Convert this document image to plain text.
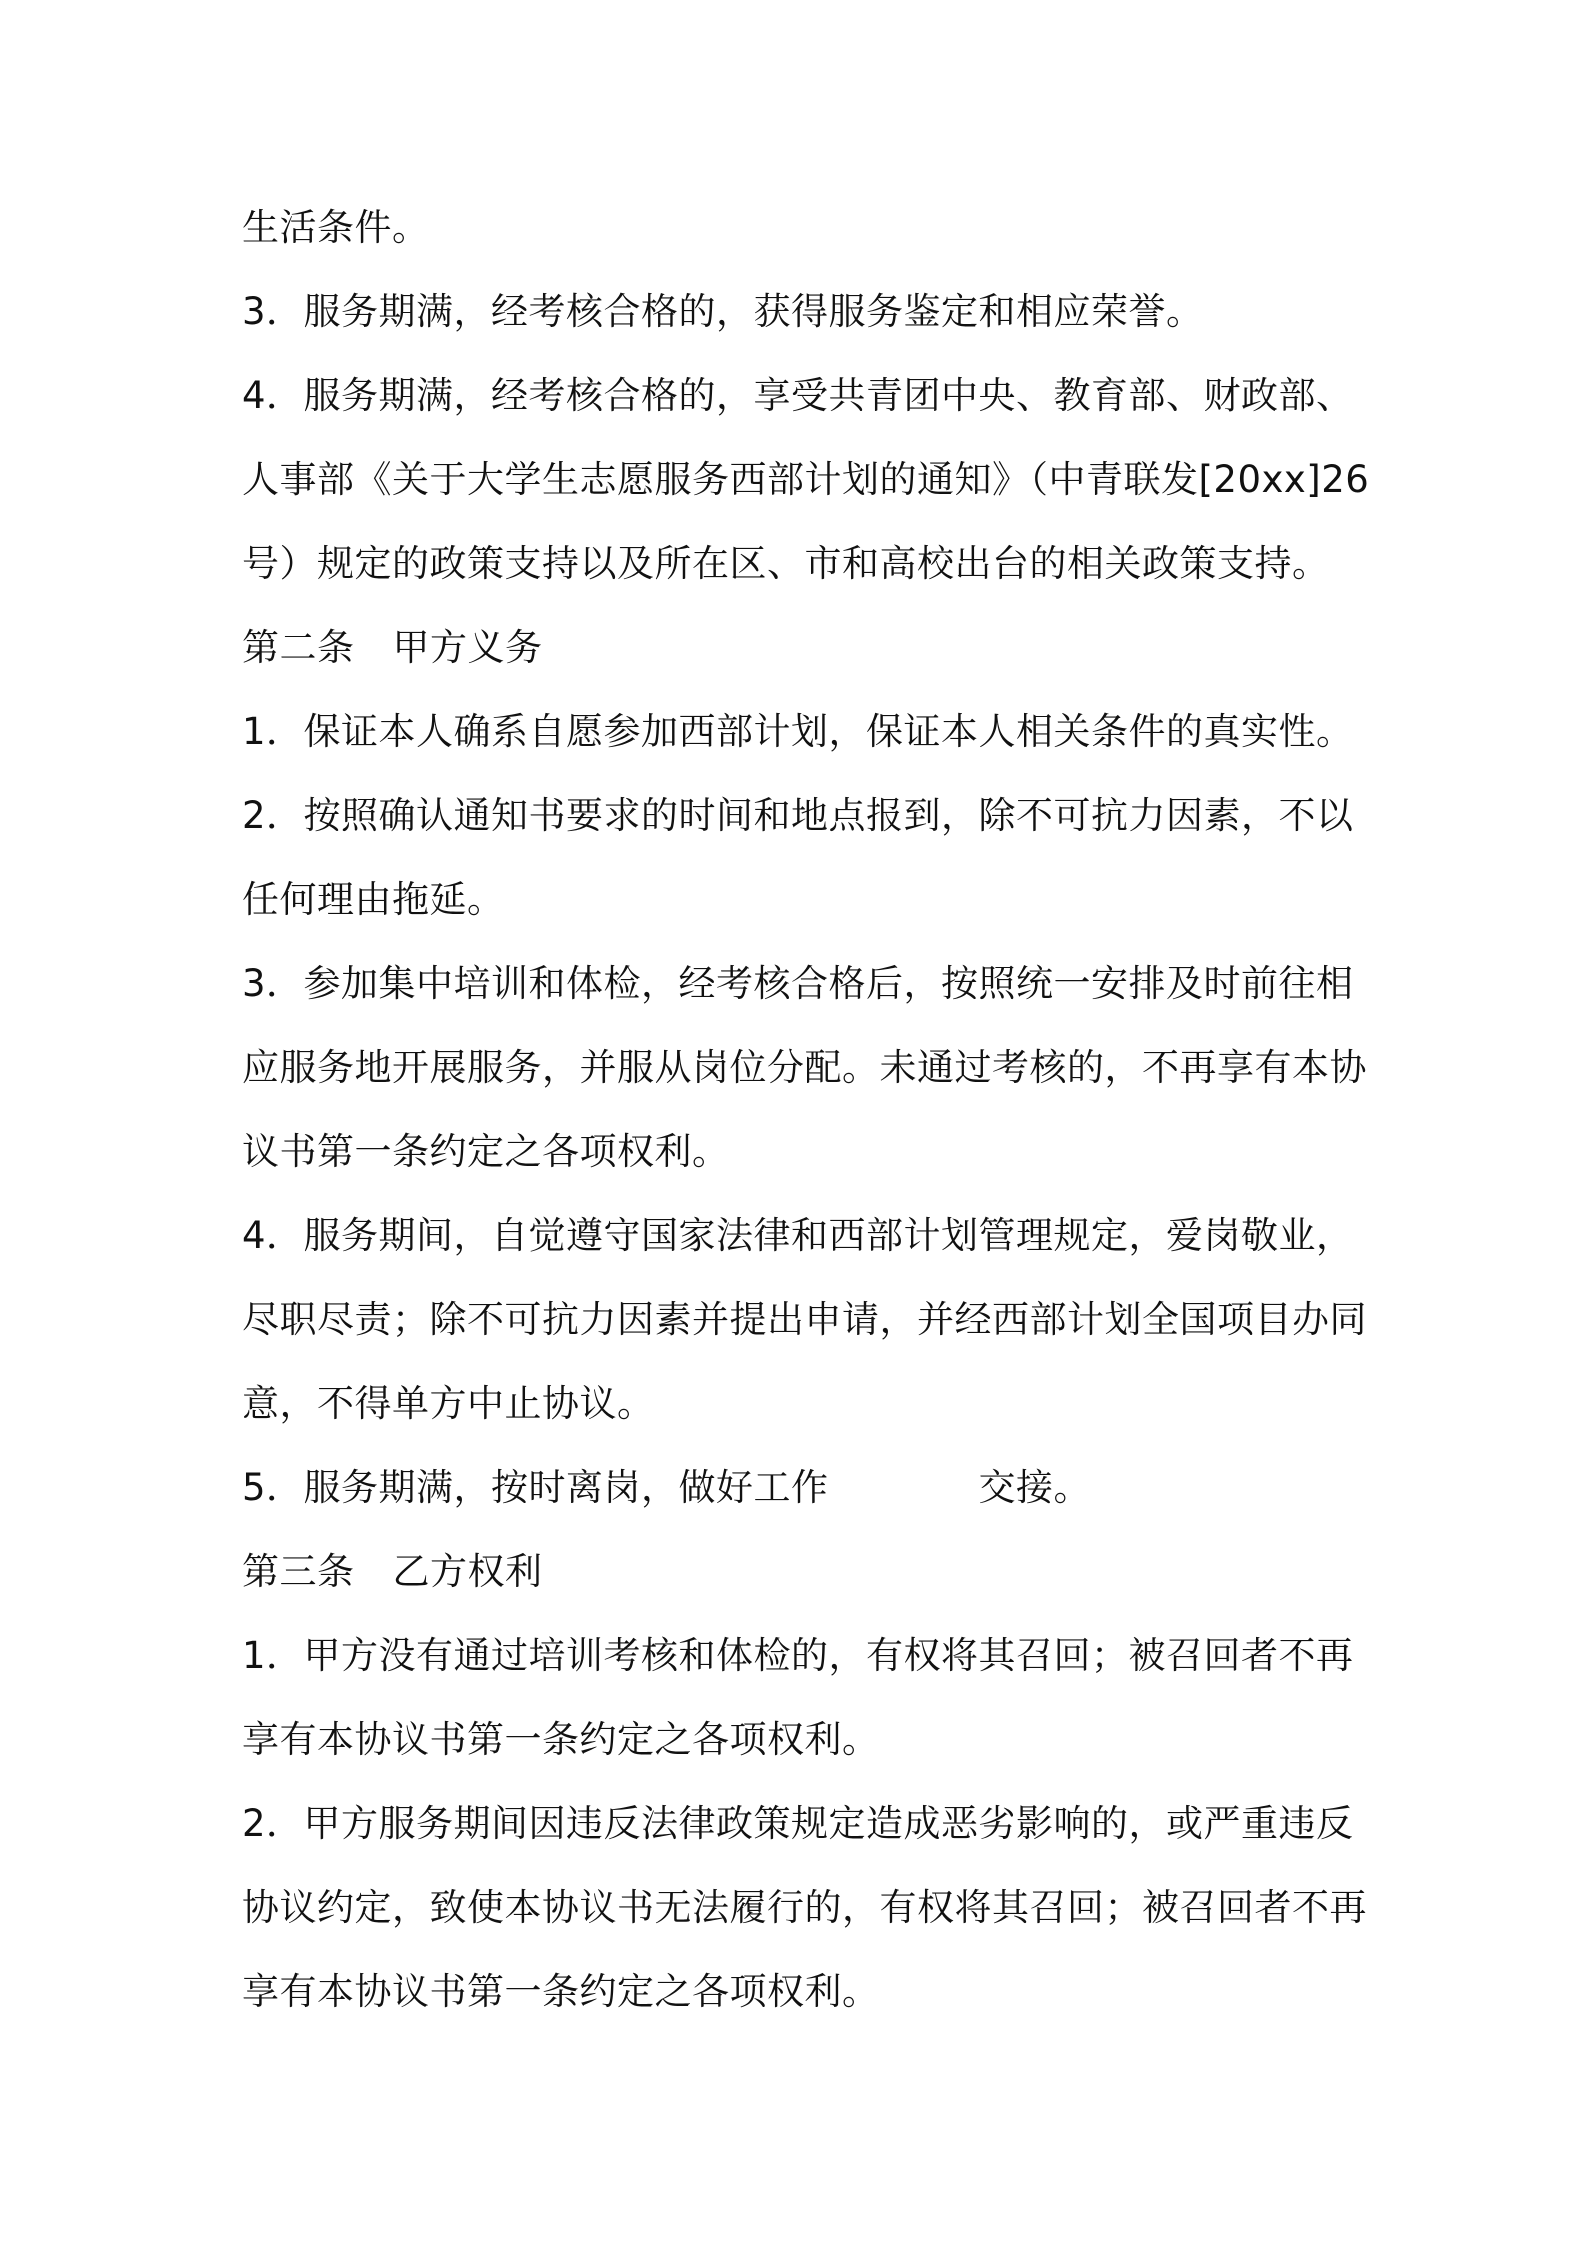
生活条件。
3．服务期满，经考核合格的，获得服务鉴定和相应荣誉。
4．服务期满，经考核合格的，享受共青团中央、教育部、财政部、
人事部《关于大学生志愿服务西部计划的通知》（中青联发[20xx]26
号）规定的政策支持以及所在区、市和高校出台的相关政策支持。
第二条 甲方义务
1．保证本人确系自愿参加西部计划，保证本人相关条件的真实性。
2．按照确认通知书要求的时间和地点报到，除不可抗力因素，不以
任何理由拖延。
3．参加集中培训和体检，经考核合格后，按照统一安排及时前往相
应服务地开展服务，并服从岗位分配。未通过考核的，不再享有本协
议书第一条约定之各项权利。
4．服务期间，自觉遵守国家法律和西部计划管理规定，爱岗敬业，
尽职尽责；除不可抗力因素并提出申请，并经西部计划全国项目办同
意，不得单方中止协议。
5．服务期满，按时离岗，做好工作	交接。
第三条 乙方权利
1．甲方没有通过培训考核和体检的，有权将其召回；被召回者不再
享有本协议书第一条约定之各项权利。
2．甲方服务期间因违反法律政策规定造成恶劣影响的，或严重违反
协议约定，致使本协议书无法履行的，有权将其召回；被召回者不再
享有本协议书第一条约定之各项权利。
